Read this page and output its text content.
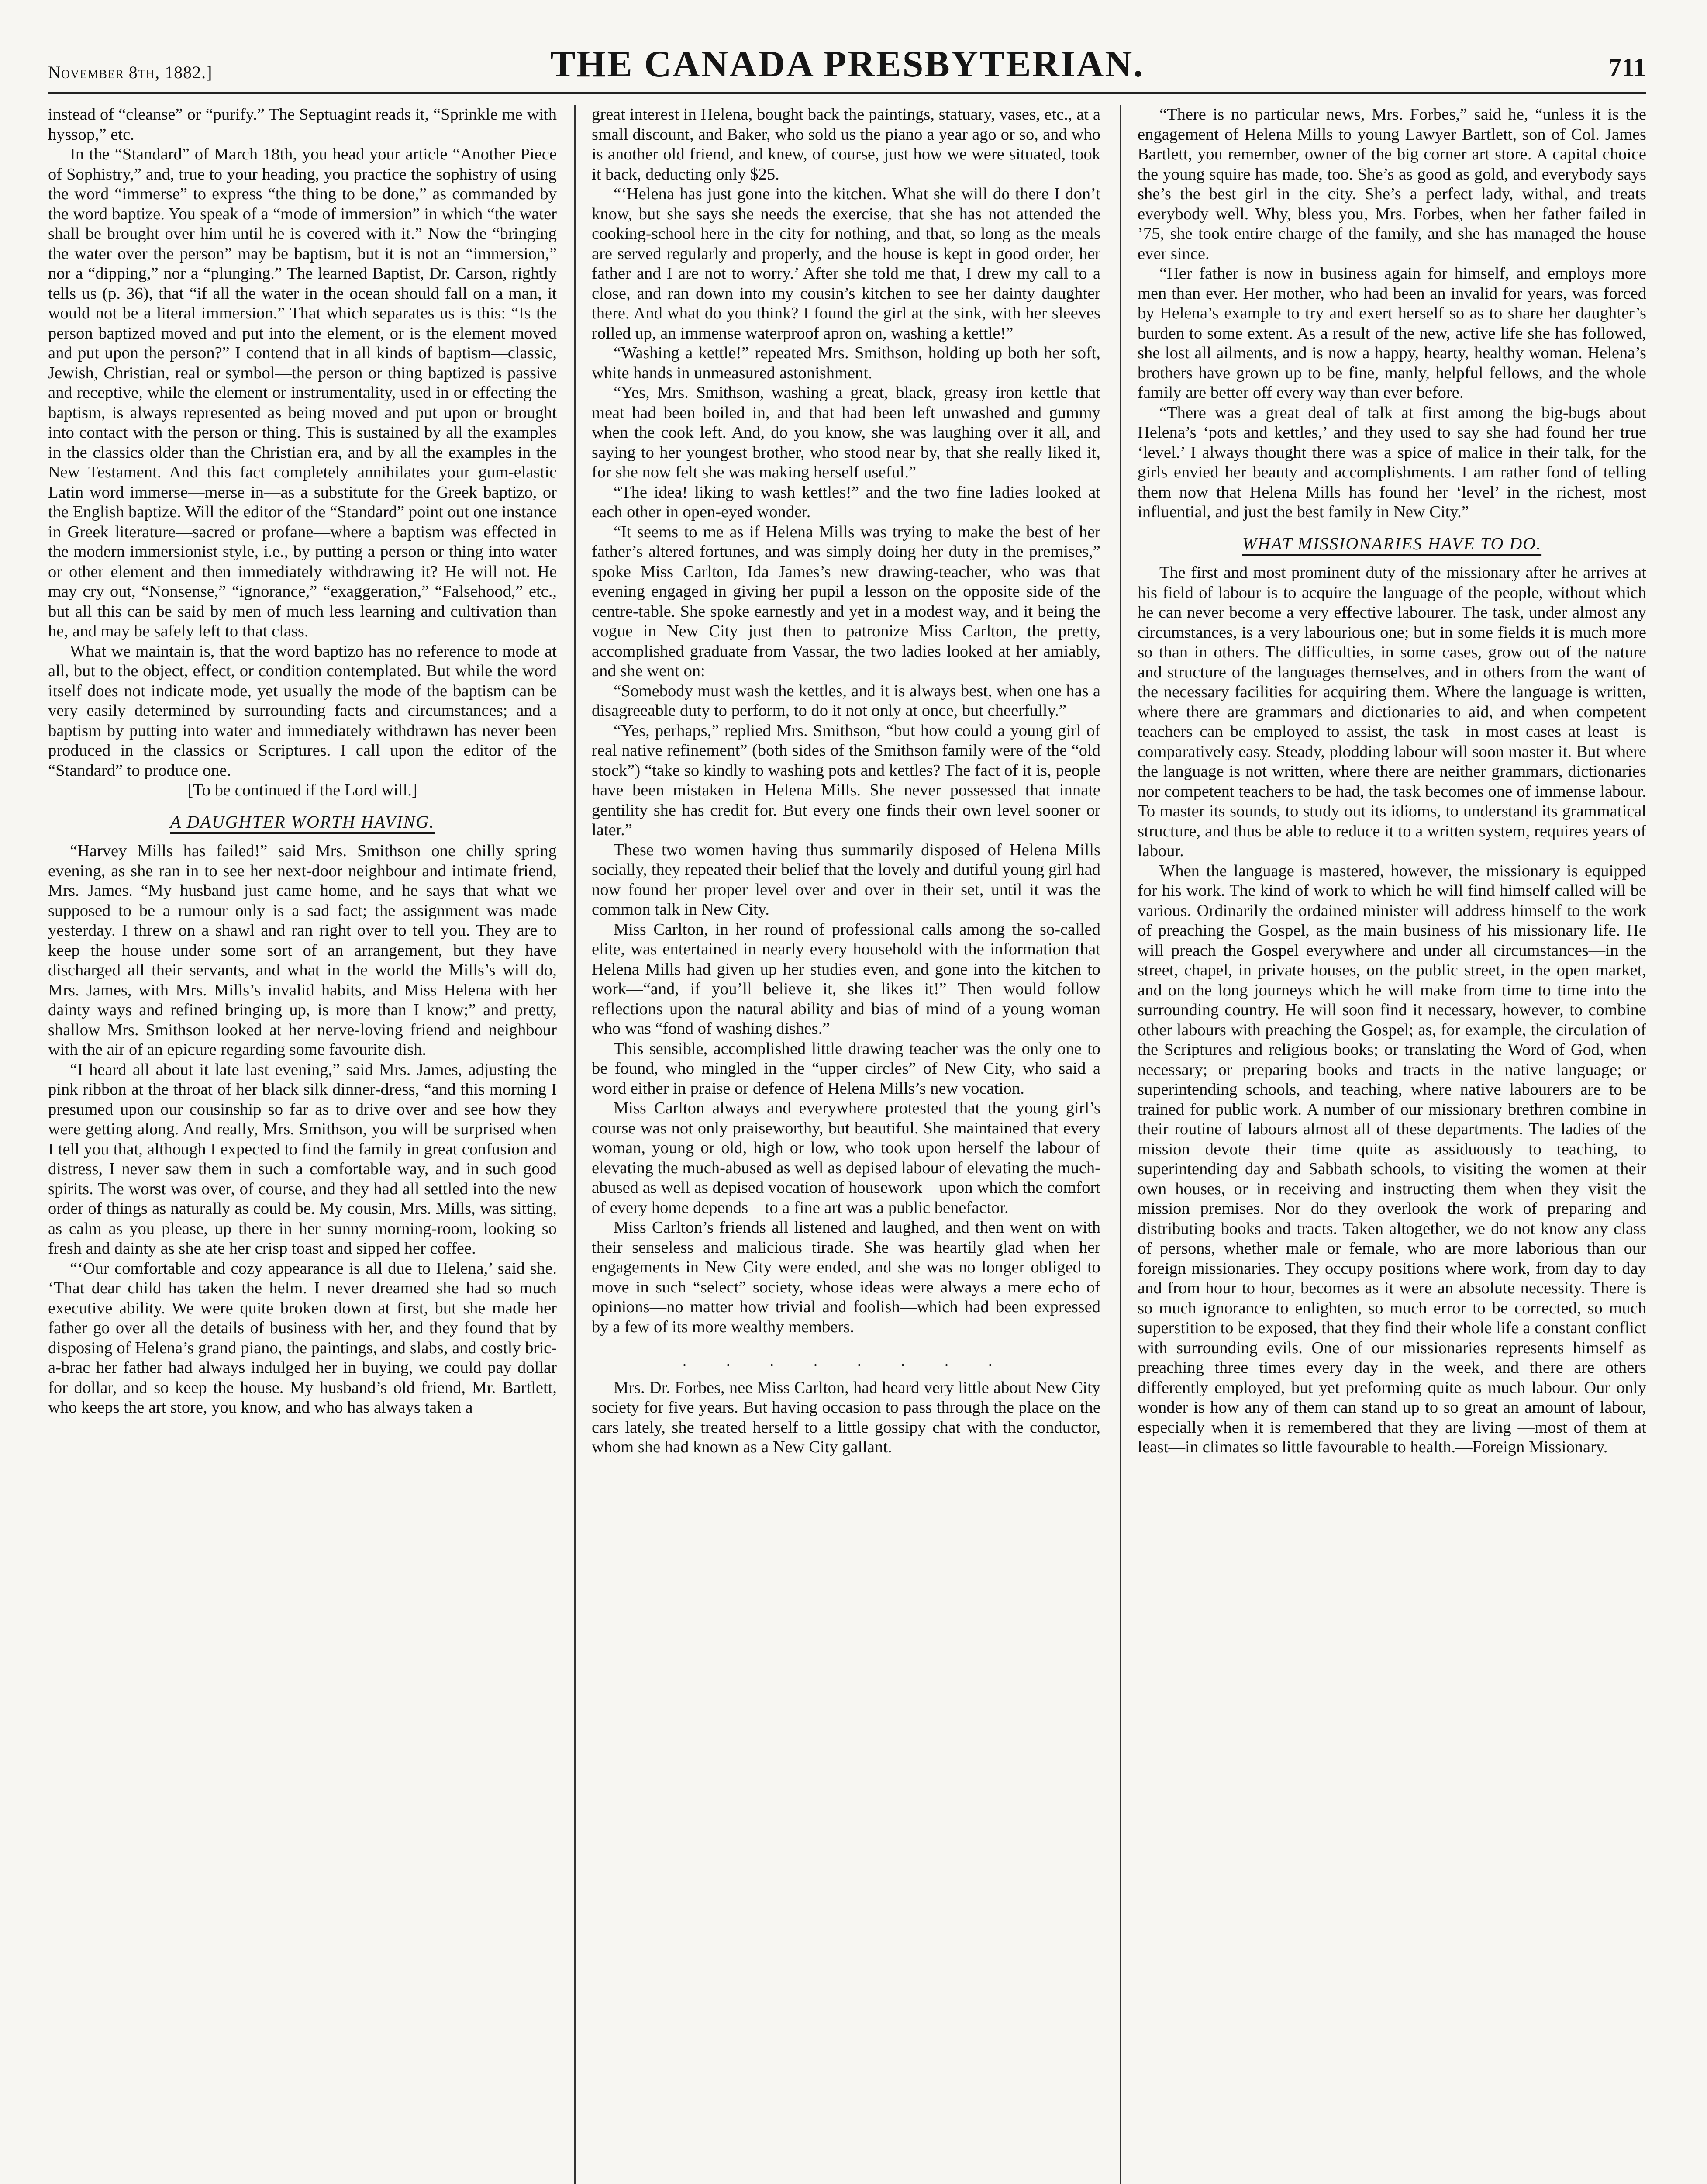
November 8th, 1882.]	THE CANADA PRESBYTERIAN.	711

instead of “cleanse” or “purify.” The Septuagint reads it, “Sprinkle me with hyssop,” etc.

In the “Standard” of March 18th, you head your article “Another Piece of Sophistry,” and, true to your heading, you practice the sophistry of using the word “immerse” to express “the thing to be done,” as commanded by the word baptize. You speak of a “mode of immersion” in which “the water shall be brought over him until he is covered with it.” Now the “bringing the water over the person” may be baptism, but it is not an “immersion,” nor a “dipping,” nor a “plunging.” The learned Baptist, Dr. Carson, rightly tells us (p. 36), that “if all the water in the ocean should fall on a man, it would not be a literal immersion.” That which separates us is this: “Is the person baptized moved and put into the element, or is the element moved and put upon the person?” I contend that in all kinds of baptism—classic, Jewish, Christian, real or symbol—the person or thing baptized is passive and receptive, while the element or instrumentality, used in or effecting the baptism, is always represented as being moved and put upon or brought into contact with the person or thing. This is sustained by all the examples in the classics older than the Christian era, and by all the examples in the New Testament. And this fact completely annihilates your gum-elastic Latin word immerse—merse in—as a substitute for the Greek baptizo, or the English baptize. Will the editor of the “Standard” point out one instance in Greek literature—sacred or profane—where a baptism was effected in the modern immersionist style, i.e., by putting a person or thing into water or other element and then immediately withdrawing it? He will not. He may cry out, “Nonsense,” “ignorance,” “exaggeration,” “Falsehood,” etc., but all this can be said by men of much less learning and cultivation than he, and may be safely left to that class.

What we maintain is, that the word baptizo has no reference to mode at all, but to the object, effect, or condition contemplated. But while the word itself does not indicate mode, yet usually the mode of the baptism can be very easily determined by surrounding facts and circumstances; and a baptism by putting into water and immediately withdrawn has never been produced in the classics or Scriptures. I call upon the editor of the “Standard” to produce one.

[To be continued if the Lord will.]

A DAUGHTER WORTH HAVING.

“Harvey Mills has failed!” said Mrs. Smithson one chilly spring evening, as she ran in to see her next-door neighbour and intimate friend, Mrs. James. “My husband just came home, and he says that what we supposed to be a rumour only is a sad fact; the assignment was made yesterday. I threw on a shawl and ran right over to tell you. They are to keep the house under some sort of an arrangement, but they have discharged all their servants, and what in the world the Mills’s will do, Mrs. James, with Mrs. Mills’s invalid habits, and Miss Helena with her dainty ways and refined bringing up, is more than I know;” and pretty, shallow Mrs. Smithson looked at her nerve-loving friend and neighbour with the air of an epicure regarding some favourite dish.

“I heard all about it late last evening,” said Mrs. James, adjusting the pink ribbon at the throat of her black silk dinner-dress, “and this morning I presumed upon our cousinship so far as to drive over and see how they were getting along. And really, Mrs. Smithson, you will be surprised when I tell you that, although I expected to find the family in great confusion and distress, I never saw them in such a comfortable way, and in such good spirits. The worst was over, of course, and they had all settled into the new order of things as naturally as could be. My cousin, Mrs. Mills, was sitting, as calm as you please, up there in her sunny morning-room, looking so fresh and dainty as she ate her crisp toast and sipped her coffee.

“‘Our comfortable and cozy appearance is all due to Helena,’ said she. ‘That dear child has taken the helm. I never dreamed she had so much executive ability. We were quite broken down at first, but she made her father go over all the details of business with her, and they found that by disposing of Helena’s grand piano, the paintings, and slabs, and costly bric-a-brac her father had always indulged her in buying, we could pay dollar for dollar, and so keep the house. My husband’s old friend, Mr. Bartlett, who keeps the art store, you know, and who has always taken a

great interest in Helena, bought back the paintings, statuary, vases, etc., at a small discount, and Baker, who sold us the piano a year ago or so, and who is another old friend, and knew, of course, just how we were situated, took it back, deducting only $25.

“‘Helena has just gone into the kitchen. What she will do there I don’t know, but she says she needs the exercise, that she has not attended the cooking-school here in the city for nothing, and that, so long as the meals are served regularly and properly, and the house is kept in good order, her father and I are not to worry.’ After she told me that, I drew my call to a close, and ran down into my cousin’s kitchen to see her dainty daughter there. And what do you think? I found the girl at the sink, with her sleeves rolled up, an immense waterproof apron on, washing a kettle!”

“Washing a kettle!” repeated Mrs. Smithson, holding up both her soft, white hands in unmeasured astonishment.

“Yes, Mrs. Smithson, washing a great, black, greasy iron kettle that meat had been boiled in, and that had been left unwashed and gummy when the cook left. And, do you know, she was laughing over it all, and saying to her youngest brother, who stood near by, that she really liked it, for she now felt she was making herself useful.”

“The idea! liking to wash kettles!” and the two fine ladies looked at each other in open-eyed wonder.

“It seems to me as if Helena Mills was trying to make the best of her father’s altered fortunes, and was simply doing her duty in the premises,” spoke Miss Carlton, Ida James’s new drawing-teacher, who was that evening engaged in giving her pupil a lesson on the opposite side of the centre-table. She spoke earnestly and yet in a modest way, and it being the vogue in New City just then to patronize Miss Carlton, the pretty, accomplished graduate from Vassar, the two ladies looked at her amiably, and she went on:

“Somebody must wash the kettles, and it is always best, when one has a disagreeable duty to perform, to do it not only at once, but cheerfully.”

“Yes, perhaps,” replied Mrs. Smithson, “but how could a young girl of real native refinement” (both sides of the Smithson family were of the “old stock”) “take so kindly to washing pots and kettles? The fact of it is, people have been mistaken in Helena Mills. She never possessed that innate gentility she has credit for. But every one finds their own level sooner or later.”

These two women having thus summarily disposed of Helena Mills socially, they repeated their belief that the lovely and dutiful young girl had now found her proper level over and over in their set, until it was the common talk in New City.

Miss Carlton, in her round of professional calls among the so-called elite, was entertained in nearly every household with the information that Helena Mills had given up her studies even, and gone into the kitchen to work—“and, if you’ll believe it, she likes it!” Then would follow reflections upon the natural ability and bias of mind of a young woman who was “fond of washing dishes.”

This sensible, accomplished little drawing teacher was the only one to be found, who mingled in the “upper circles” of New City, who said a word either in praise or defence of Helena Mills’s new vocation.

Miss Carlton always and everywhere protested that the young girl’s course was not only praiseworthy, but beautiful. She maintained that every woman, young or old, high or low, who took upon herself the labour of elevating the much-abused as well as depised labour of elevating the much-abused as well as depised vocation of housework—upon which the comfort of every home depends—to a fine art was a public benefactor.

Miss Carlton’s friends all listened and laughed, and then went on with their senseless and malicious tirade. She was heartily glad when her engagements in New City were ended, and she was no longer obliged to move in such “select” society, whose ideas were always a mere echo of opinions—no matter how trivial and foolish—which had been expressed by a few of its more wealthy members.

. . . . . . . .

Mrs. Dr. Forbes, nee Miss Carlton, had heard very little about New City society for five years. But having occasion to pass through the place on the cars lately, she treated herself to a little gossipy chat with the conductor, whom she had known as a New City gallant.

“There is no particular news, Mrs. Forbes,” said he, “unless it is the engagement of Helena Mills to young Lawyer Bartlett, son of Col. James Bartlett, you remember, owner of the big corner art store. A capital choice the young squire has made, too. She’s as good as gold, and everybody says she’s the best girl in the city. She’s a perfect lady, withal, and treats everybody well. Why, bless you, Mrs. Forbes, when her father failed in ’75, she took entire charge of the family, and she has managed the house ever since.

“Her father is now in business again for himself, and employs more men than ever. Her mother, who had been an invalid for years, was forced by Helena’s example to try and exert herself so as to share her daughter’s burden to some extent. As a result of the new, active life she has followed, she lost all ailments, and is now a happy, hearty, healthy woman. Helena’s brothers have grown up to be fine, manly, helpful fellows, and the whole family are better off every way than ever before.

“There was a great deal of talk at first among the big-bugs about Helena’s ‘pots and kettles,’ and they used to say she had found her true ‘level.’ I always thought there was a spice of malice in their talk, for the girls envied her beauty and accomplishments. I am rather fond of telling them now that Helena Mills has found her ‘level’ in the richest, most influential, and just the best family in New City.”

WHAT MISSIONARIES HAVE TO DO.

The first and most prominent duty of the missionary after he arrives at his field of labour is to acquire the language of the people, without which he can never become a very effective labourer. The task, under almost any circumstances, is a very labourious one; but in some fields it is much more so than in others. The difficulties, in some cases, grow out of the nature and structure of the languages themselves, and in others from the want of the necessary facilities for acquiring them. Where the language is written, where there are grammars and dictionaries to aid, and when competent teachers can be employed to assist, the task—in most cases at least—is comparatively easy. Steady, plodding labour will soon master it. But where the language is not written, where there are neither grammars, dictionaries nor competent teachers to be had, the task becomes one of immense labour. To master its sounds, to study out its idioms, to understand its grammatical structure, and thus be able to reduce it to a written system, requires years of labour.

When the language is mastered, however, the missionary is equipped for his work. The kind of work to which he will find himself called will be various. Ordinarily the ordained minister will address himself to the work of preaching the Gospel, as the main business of his missionary life. He will preach the Gospel everywhere and under all circumstances—in the street, chapel, in private houses, on the public street, in the open market, and on the long journeys which he will make from time to time into the surrounding country. He will soon find it necessary, however, to combine other labours with preaching the Gospel; as, for example, the circulation of the Scriptures and religious books; or translating the Word of God, when necessary; or preparing books and tracts in the native language; or superintending schools, and teaching, where native labourers are to be trained for public work. A number of our missionary brethren combine in their routine of labours almost all of these departments. The ladies of the mission devote their time quite as assiduously to teaching, to superintending day and Sabbath schools, to visiting the women at their own houses, or in receiving and instructing them when they visit the mission premises. Nor do they overlook the work of preparing and distributing books and tracts. Taken altogether, we do not know any class of persons, whether male or female, who are more laborious than our foreign missionaries. They occupy positions where work, from day to day and from hour to hour, becomes as it were an absolute necessity. There is so much ignorance to enlighten, so much error to be corrected, so much superstition to be exposed, that they find their whole life a constant conflict with surrounding evils. One of our missionaries represents himself as preaching three times every day in the week, and there are others differently employed, but yet preforming quite as much labour. Our only wonder is how any of them can stand up to so great an amount of labour, especially when it is remembered that they are living —most of them at least—in climates so little favourable to health.—Foreign Missionary.
